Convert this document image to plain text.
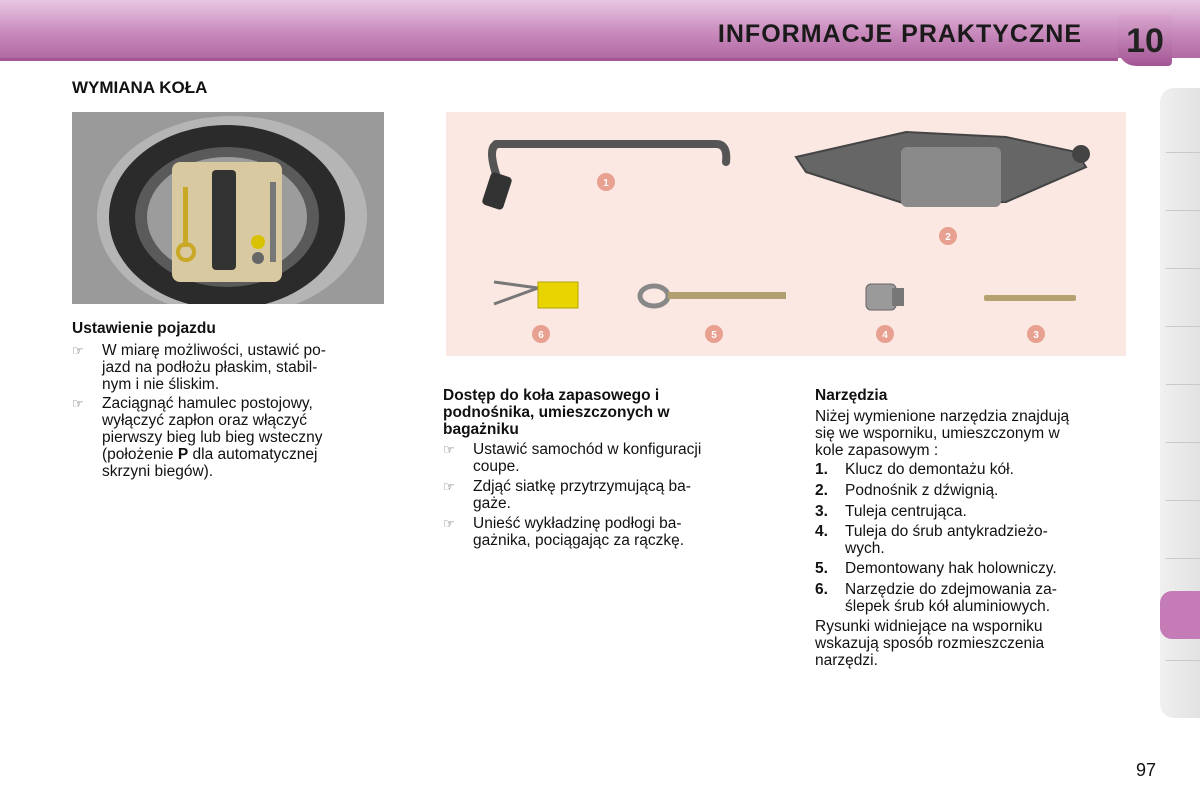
INFORMACJE PRAKTYCZNE 10
WYMIANA KOŁA
1
2
6	5	4	3
Ustawienie pojazdu
☞ W miarę możliwości, ustawić po-
jazd na podłożu płaskim, stabil-
nym i nie śliskim.
☞ Zaciągnąć hamulec postojowy,
wyłączyć zapłon oraz włączyć
pierwszy bieg lub bieg wsteczny
(położenie P dla automatycznej
skrzyni biegów).
Dostęp do koła zapasowego i
podnośnika, umieszczonych w
bagażniku
☞ Ustawić samochód w konfiguracji
coupe.
☞ Zdjąć siatkę przytrzymującą ba-
gaże.
☞ Unieść wykładzinę podłogi ba-
gażnika, pociągając za rączkę.
Narzędzia
Niżej wymienione narzędzia znajdują
się we wsporniku, umieszczonym w
kole zapasowym :
1. Klucz do demontażu kół.
2. Podnośnik z dźwignią.
3. Tuleja centrująca.
4. Tuleja do śrub antykradzieżo-
wych.
5. Demontowany hak holowniczy.
6. Narzędzie do zdejmowania za-
ślepek śrub kół aluminiowych.
Rysunki widniejące na wsporniku
wskazują sposób rozmieszczenia
narzędzi.
97
